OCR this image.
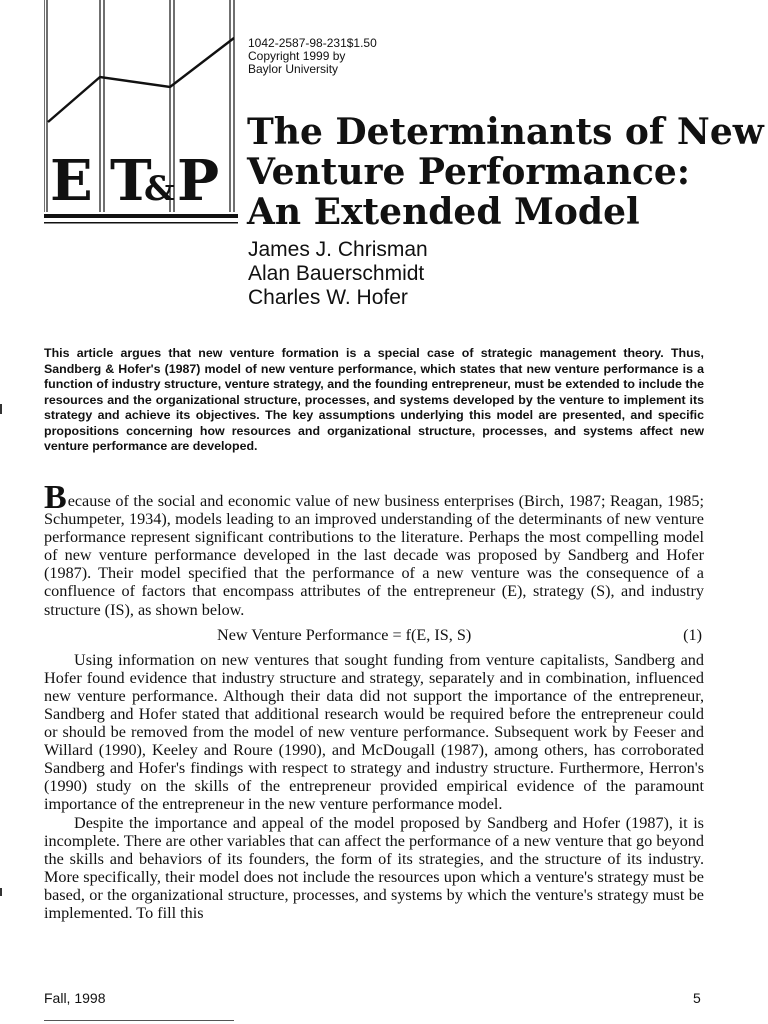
E T
& P
1042-2587-98-231$1.50
Copyright 1999 by
Baylor University
The Determinants of New
Venture Performance:
An Extended Model
James J. Chrisman
Alan Bauerschmidt
Charles W. Hofer

This article argues that new venture formation is a special case of strategic management theory. Thus, Sandberg & Hofer's (1987) model of new venture performance, which states that new venture performance is a function of industry structure, venture strategy, and the founding entrepreneur, must be extended to include the resources and the organizational structure, processes, and systems developed by the venture to implement its strategy and achieve its objectives. The key assumptions underlying this model are presented, and specific propositions concerning how resources and organizational structure, processes, and systems affect new venture performance are developed.

Because of the social and economic value of new business enterprises (Birch, 1987; Reagan, 1985; Schumpeter, 1934), models leading to an improved understanding of the determinants of new venture performance represent significant contributions to the literature. Perhaps the most compelling model of new venture performance developed in the last decade was proposed by Sandberg and Hofer (1987). Their model specified that the performance of a new venture was the consequence of a confluence of factors that encompass attributes of the entrepreneur (E), strategy (S), and industry structure (IS), as shown below.

New Venture Performance = f(E, IS, S)	(1)

Using information on new ventures that sought funding from venture capitalists, Sandberg and Hofer found evidence that industry structure and strategy, separately and in combination, influenced new venture performance. Although their data did not support the importance of the entrepreneur, Sandberg and Hofer stated that additional research would be required before the entrepreneur could or should be removed from the model of new venture performance. Subsequent work by Feeser and Willard (1990), Keeley and Roure (1990), and McDougall (1987), among others, has corroborated Sandberg and Hofer's findings with respect to strategy and industry structure. Furthermore, Herron's (1990) study on the skills of the entrepreneur provided empirical evidence of the paramount importance of the entrepreneur in the new venture performance model.

Despite the importance and appeal of the model proposed by Sandberg and Hofer (1987), it is incomplete. There are other variables that can affect the performance of a new venture that go beyond the skills and behaviors of its founders, the form of its strategies, and the structure of its industry. More specifically, their model does not include the resources upon which a venture's strategy must be based, or the organizational structure, processes, and systems by which the venture's strategy must be implemented. To fill this

Fall, 1998	5
